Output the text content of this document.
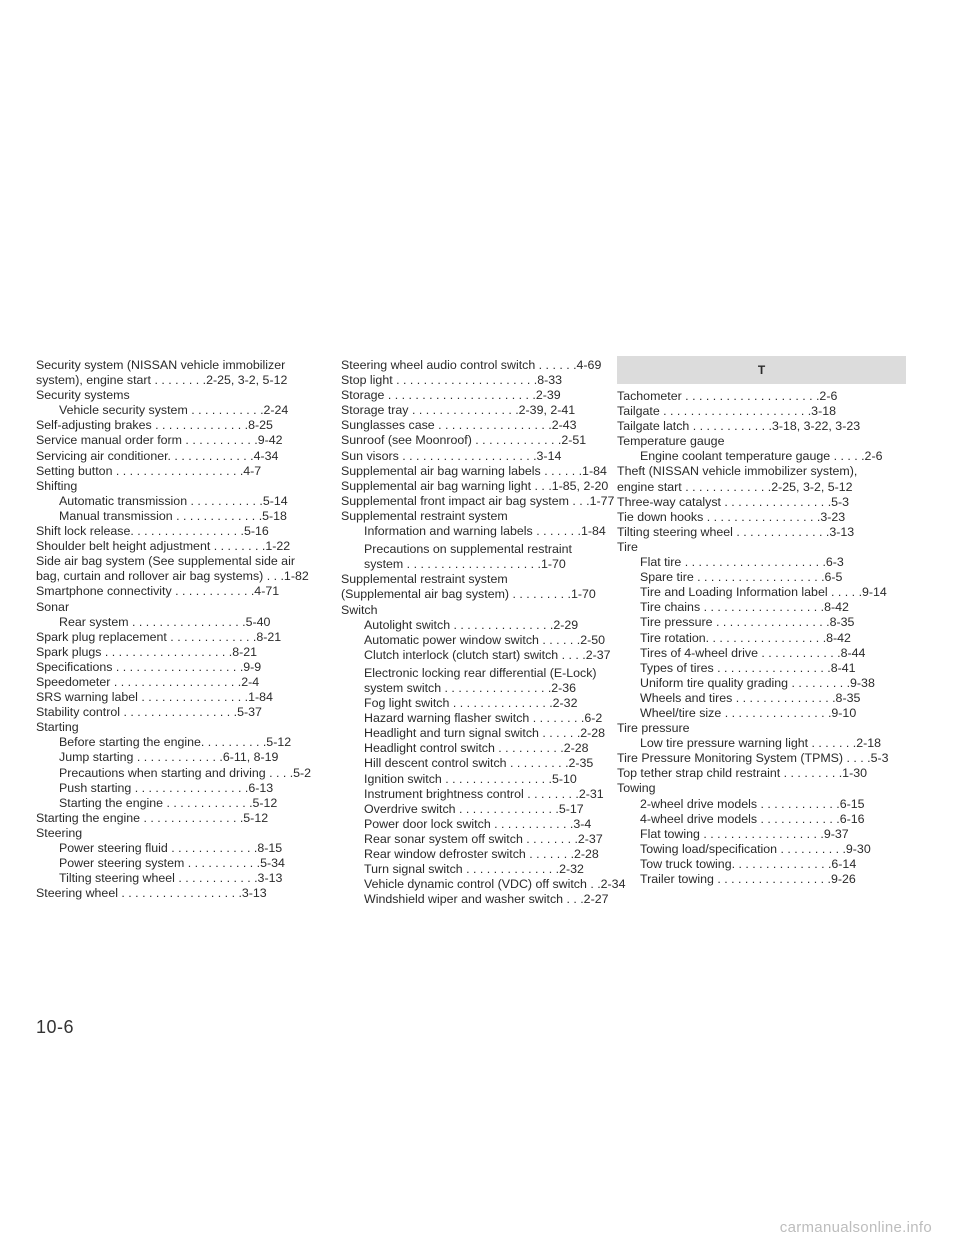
Security system (NISSAN vehicle immobilizer
system), engine start . . . . . . . .2-25, 3-2, 5-12
Security systems
Vehicle security system . . . . . . . . . . .2-24
Self-adjusting brakes . . . . . . . . . . . . . .8-25
Service manual order form . . . . . . . . . . .9-42
Servicing air conditioner. . . . . . . . . . . . .4-34
Setting button . . . . . . . . . . . . . . . . . . .4-7
Shifting
Automatic transmission . . . . . . . . . . .5-14
Manual transmission . . . . . . . . . . . . .5-18
Shift lock release. . . . . . . . . . . . . . . . .5-16
Shoulder belt height adjustment . . . . . . . .1-22
Side air bag system (See supplemental side air
bag, curtain and rollover air bag systems) . . .1-82
Smartphone connectivity . . . . . . . . . . . .4-71
Sonar
Rear system . . . . . . . . . . . . . . . . .5-40
Spark plug replacement . . . . . . . . . . . . .8-21
Spark plugs . . . . . . . . . . . . . . . . . . .8-21
Specifications . . . . . . . . . . . . . . . . . . .9-9
Speedometer . . . . . . . . . . . . . . . . . . .2-4
SRS warning label . . . . . . . . . . . . . . . .1-84
Stability control . . . . . . . . . . . . . . . . .5-37
Starting
Before starting the engine. . . . . . . . . .5-12
Jump starting . . . . . . . . . . . . .6-11, 8-19
Precautions when starting and driving . . . .5-2
Push starting . . . . . . . . . . . . . . . . .6-13
Starting the engine . . . . . . . . . . . . .5-12
Starting the engine . . . . . . . . . . . . . . .5-12
Steering
Power steering fluid . . . . . . . . . . . . .8-15
Power steering system . . . . . . . . . . .5-34
Tilting steering wheel . . . . . . . . . . . .3-13
Steering wheel . . . . . . . . . . . . . . . . . .3-13
Steering wheel audio control switch . . . . . .4-69
Stop light . . . . . . . . . . . . . . . . . . . . .8-33
Storage . . . . . . . . . . . . . . . . . . . . . .2-39
Storage tray . . . . . . . . . . . . . . . .2-39, 2-41
Sunglasses case . . . . . . . . . . . . . . . . .2-43
Sunroof (see Moonroof) . . . . . . . . . . . . .2-51
Sun visors . . . . . . . . . . . . . . . . . . . .3-14
Supplemental air bag warning labels . . . . . .1-84
Supplemental air bag warning light . . .1-85, 2-20
Supplemental front impact air bag system . . .1-77
Supplemental restraint system
Information and warning labels . . . . . . .1-84
Precautions on supplemental restraint
system . . . . . . . . . . . . . . . . . . . .1-70
Supplemental restraint system
(Supplemental air bag system) . . . . . . . . .1-70
Switch
Autolight switch . . . . . . . . . . . . . . .2-29
Automatic power window switch . . . . . .2-50
Clutch interlock (clutch start) switch . . . .2-37
Electronic locking rear differential (E-Lock)
system switch . . . . . . . . . . . . . . . .2-36
Fog light switch . . . . . . . . . . . . . . .2-32
Hazard warning flasher switch . . . . . . . .6-2
Headlight and turn signal switch . . . . . .2-28
Headlight control switch . . . . . . . . . .2-28
Hill descent control switch . . . . . . . . .2-35
Ignition switch . . . . . . . . . . . . . . . .5-10
Instrument brightness control . . . . . . . .2-31
Overdrive switch . . . . . . . . . . . . . . .5-17
Power door lock switch . . . . . . . . . . . .3-4
Rear sonar system off switch . . . . . . . .2-37
Rear window defroster switch . . . . . . .2-28
Turn signal switch . . . . . . . . . . . . . .2-32
Vehicle dynamic control (VDC) off switch . .2-34
Windshield wiper and washer switch . . .2-27
T
Tachometer . . . . . . . . . . . . . . . . . . . .2-6
Tailgate . . . . . . . . . . . . . . . . . . . . . .3-18
Tailgate latch . . . . . . . . . . . .3-18, 3-22, 3-23
Temperature gauge
Engine coolant temperature gauge . . . . .2-6
Theft (NISSAN vehicle immobilizer system),
engine start . . . . . . . . . . . . .2-25, 3-2, 5-12
Three-way catalyst . . . . . . . . . . . . . . . .5-3
Tie down hooks . . . . . . . . . . . . . . . . .3-23
Tilting steering wheel . . . . . . . . . . . . . .3-13
Tire
Flat tire . . . . . . . . . . . . . . . . . . . . .6-3
Spare tire . . . . . . . . . . . . . . . . . . .6-5
Tire and Loading Information label . . . . .9-14
Tire chains . . . . . . . . . . . . . . . . . .8-42
Tire pressure . . . . . . . . . . . . . . . . .8-35
Tire rotation. . . . . . . . . . . . . . . . . .8-42
Tires of 4-wheel drive . . . . . . . . . . . .8-44
Types of tires . . . . . . . . . . . . . . . . .8-41
Uniform tire quality grading . . . . . . . . .9-38
Wheels and tires . . . . . . . . . . . . . . .8-35
Wheel/tire size . . . . . . . . . . . . . . . .9-10
Tire pressure
Low tire pressure warning light . . . . . . .2-18
Tire Pressure Monitoring System (TPMS) . . . .5-3
Top tether strap child restraint . . . . . . . . .1-30
Towing
2-wheel drive models . . . . . . . . . . . .6-15
4-wheel drive models . . . . . . . . . . . .6-16
Flat towing . . . . . . . . . . . . . . . . . .9-37
Towing load/specification . . . . . . . . . .9-30
Tow truck towing. . . . . . . . . . . . . . .6-14
Trailer towing . . . . . . . . . . . . . . . . .9-26
10-6
carmanualsonline.info
